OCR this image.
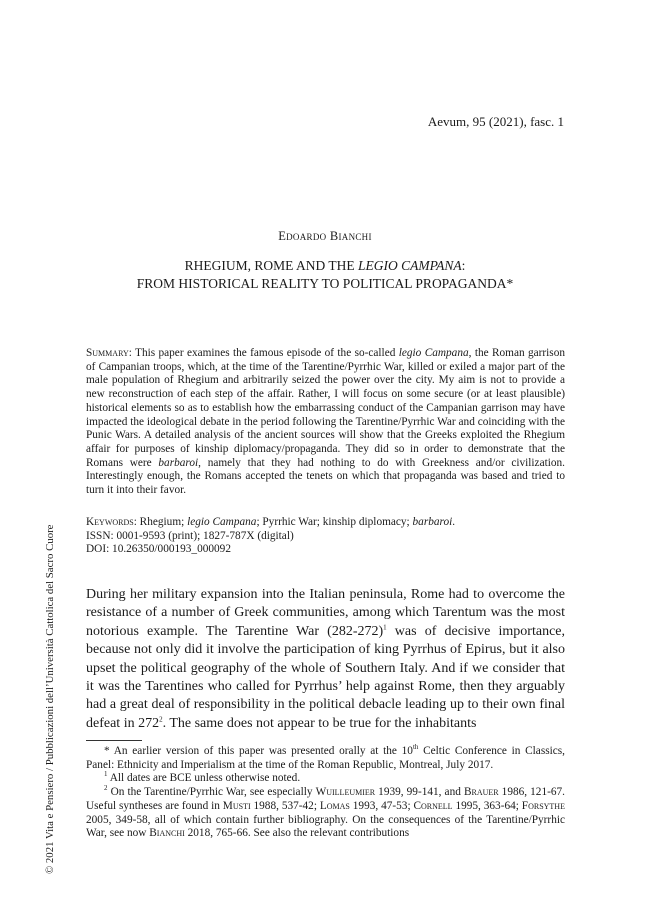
Aevum, 95 (2021), fasc. 1
Edoardo Bianchi
RHEGIUM, ROME AND THE LEGIO CAMPANA:
FROM HISTORICAL REALITY TO POLITICAL PROPAGANDA*
Summary: This paper examines the famous episode of the so-called legio Campana, the Roman garrison of Campanian troops, which, at the time of the Tarentine/Pyrrhic War, killed or exiled a major part of the male population of Rhegium and arbitrarily seized the power over the city. My aim is not to provide a new reconstruction of each step of the affair. Rather, I will focus on some secure (or at least plausible) historical elements so as to establish how the embarrassing conduct of the Campanian garrison may have impacted the ideological debate in the period following the Tarentine/Pyrrhic War and coinciding with the Punic Wars. A detailed analysis of the ancient sources will show that the Greeks exploited the Rhegium affair for purposes of kinship diplomacy/propaganda. They did so in order to demonstrate that the Romans were barbaroi, namely that they had nothing to do with Greekness and/or civilization. Interestingly enough, the Romans accepted the tenets on which that propaganda was based and tried to turn it into their favor.
Keywords: Rhegium; legio Campana; Pyrrhic War; kinship diplomacy; barbaroi.
ISSN: 0001-9593 (print); 1827-787X (digital)
DOI: 10.26350/000193_000092
During her military expansion into the Italian peninsula, Rome had to overcome the resistance of a number of Greek communities, among which Tarentum was the most notorious example. The Tarentine War $(282-272)^1$ was of decisive importance, because not only did it involve the participation of king Pyrrhus of Epirus, but it also upset the political geography of the whole of Southern Italy. And if we consider that it was the Tarentines who called for Pyrrhus’ help against Rome, then they arguably had a great deal of responsibility in the political debacle leading up to their own final defeat in $272^2$. The same does not appear to be true for the inhabitants
* An earlier version of this paper was presented orally at the 10th Celtic Conference in Classics, Panel: Ethnicity and Imperialism at the time of the Roman Republic, Montreal, July 2017.
$^1$ All dates are BCE unless otherwise noted.
$^2$ On the Tarentine/Pyrrhic War, see especially Wuilleumier 1939, 99-141, and Brauer 1986, 121-67. Useful syntheses are found in Musti 1988, 537-42; Lomas 1993, 47-53; Cornell 1995, 363-64; Forsythe 2005, 349-58, all of which contain further bibliography. On the consequences of the Tarentine/Pyrrhic War, see now Bianchi 2018, 765-66. See also the relevant contributions
© 2021 Vita e Pensiero / Pubblicazioni dell’Università Cattolica del Sacro Cuore
